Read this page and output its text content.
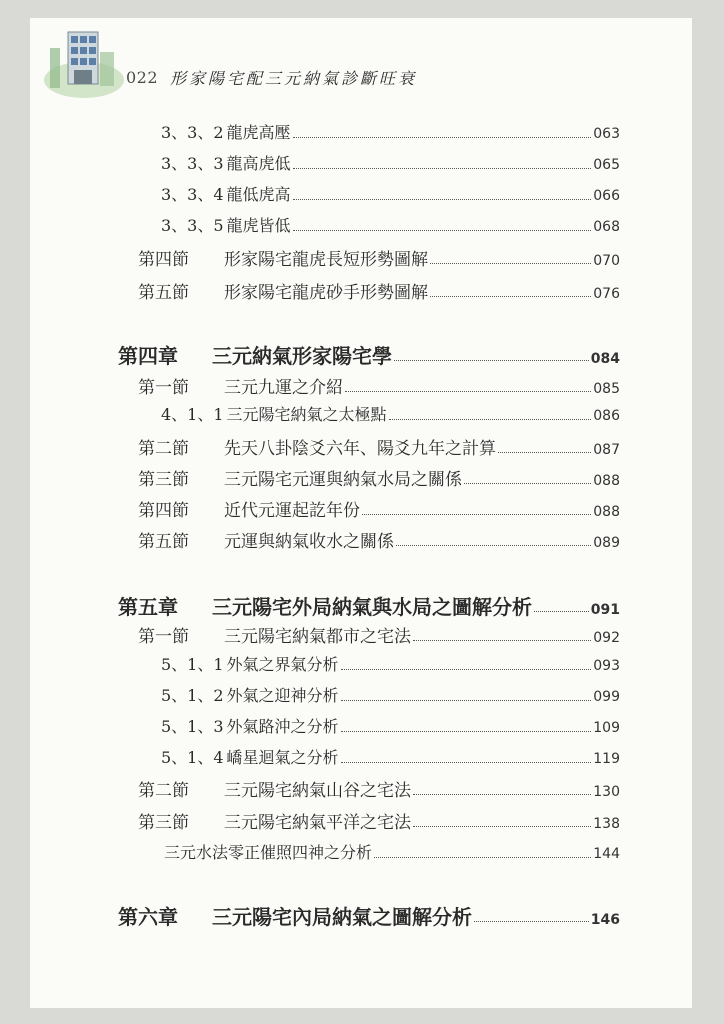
022 形家陽宅配三元納氣診斷旺衰
3、3、2 龍虎高壓	063
3、3、3 龍高虎低	065
3、3、4 龍低虎高	066
3、3、5 龍虎皆低	068
第四節	形家陽宅龍虎長短形勢圖解	070
第五節	形家陽宅龍虎砂手形勢圖解	076
第四章	三元納氣形家陽宅學	084
第一節	三元九運之介紹	085
4、1、1 三元陽宅納氣之太極點	086
第二節	先天八卦陰爻六年、陽爻九年之計算	087
第三節	三元陽宅元運與納氣水局之關係	088
第四節	近代元運起訖年份	088
第五節	元運與納氣收水之關係	089
第五章	三元陽宅外局納氣與水局之圖解分析	091
第一節	三元陽宅納氣都市之宅法	092
5、1、1 外氣之界氣分析	093
5、1、2 外氣之迎神分析	099
5、1、3 外氣路沖之分析	109
5、1、4 嶠星迴氣之分析	119
第二節	三元陽宅納氣山谷之宅法	130
第三節	三元陽宅納氣平洋之宅法	138
三元水法零正催照四神之分析	144
第六章	三元陽宅內局納氣之圖解分析	146
